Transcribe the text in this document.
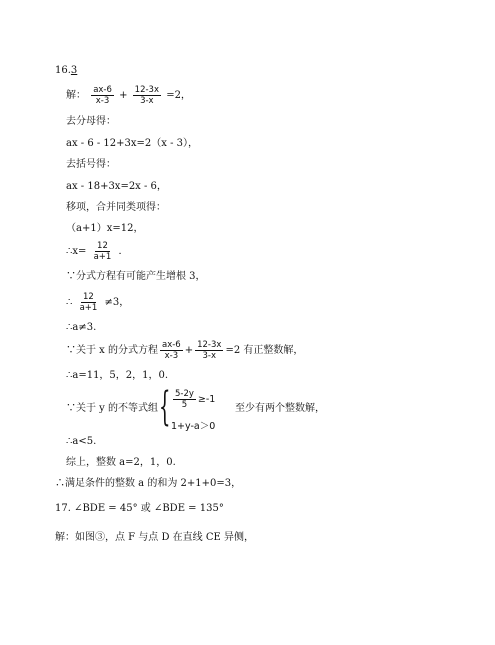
16.3
解： $\frac{ax-6}{x-3} + \frac{12-3x}{3-x} =2$，
去分母得：
ax - 6 - 12+3x=2（x - 3），
去括号得：
ax - 18+3x=2x - 6，
移项，合并同类项得：
（a+1）x=12，
∴x= $\frac{12}{a+1}$ ．
∵分式方程有可能产生增根 3，
∴ $\frac{12}{a+1} \ne 3$，
∴a≠3.
∵关于 x 的分式方程 $\frac{ax-6}{x-3} + \frac{12-3x}{3-x} =2$ 有正整数解，
∴a=11，5，2，1，0.
∵关于 y 的不等式组 { $\frac{5-2y}{5} \ge-1$
1+y-a＞0
至少有两个整数解，
∴a<5.
综上，整数 a=2，1，0.
∴满足条件的整数 a 的和为 2+1+0=3，
17. ∠BDE = 45° 或 ∠BDE = 135°
解：如图③，点 F 与点 D 在直线 CE 异侧，
